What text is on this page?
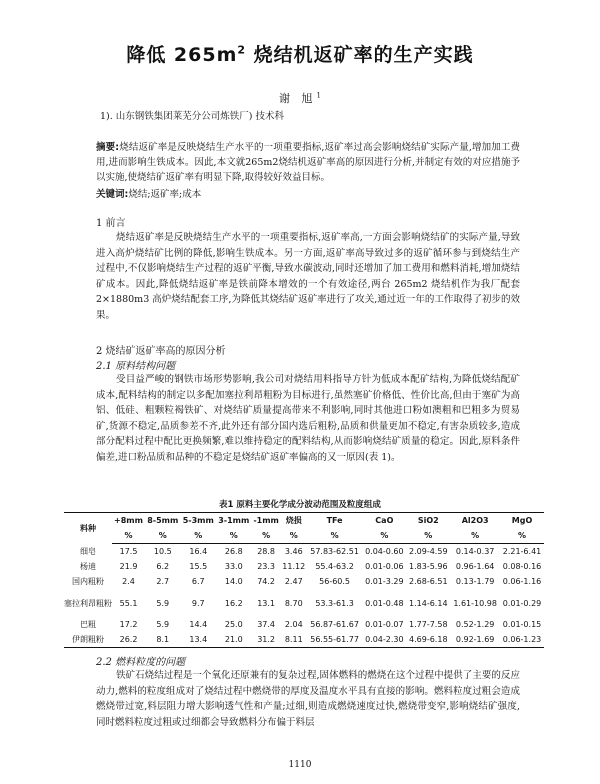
降低 $265m^2$ 烧结机返矿率的生产实践
谢 旭$^1$
1). 山东钢铁集团莱芜分公司炼铁厂) 技术科
摘要:烧结返矿率是反映烧结生产水平的一项重要指标,返矿率过高会影响烧结矿实际产量,增加加工费用,进而影响生铁成本。因此,本文就265m2烧结机返矿率高的原因进行分析,并制定有效的对应措施予以实施,使烧结矿返矿率有明显下降,取得较好效益目标。
关键词:烧结;返矿率;成本
1 前言
烧结返矿率是反映烧结生产水平的一项重要指标,返矿率高,一方面会影响烧结矿的实际产量,导致进入高炉烧结矿比例的降低,影响生铁成本。另一方面,返矿率高导致过多的返矿循环参与到烧结生产过程中,不仅影响烧结生产过程的返矿平衡,导致水碳波动,同时还增加了加工费用和燃料消耗,增加烧结矿成本。因此,降低烧结返矿率是铁前降本增效的一个有效途径,两台 265m2 烧结机作为我厂配套 2×1880m3 高炉烧结配套工序,为降低其烧结矿返矿率进行了攻关,通过近一年的工作取得了初步的效果。
2 烧结矿返矿率高的原因分析
2.1 原料结构问题
受目益严峻的钢铁市场形势影响,我公司对烧结用料指导方针为低成本配矿结构,为降低烧结配矿成本,配料结构的制定以多配加塞拉利昂粗粉为目标进行,虽然塞矿价格低、性价比高,但由于塞矿为高铝、低硅、粗颗粒褐铁矿、对烧结矿质量提高带来不利影响,同时其他进口粉如澳粗和巴粗多为贸易矿,货源不稳定,品质参差不齐,此外还有部分国内选后粗粉,品质和供量更加不稳定,有害杂质较多,造成部分配料过程中配比更换频繁,难以维持稳定的配料结构,从而影响烧结矿质量的稳定。因此,原料条件偏差,进口粉品质和品种的不稳定是烧结矿返矿率偏高的又一原因(表 1)。
表1 原料主要化学成分波动范围及粒度组成
料种	+8mm	8-5mm	5-3mm	3-1mm	-1mm	烧损	TFe	CaO	SiO2	Al2O3	MgO
	%	%	%	%	%	%	%	%	%	%	%
细皂	17.5	10.5	16.4	26.8	28.8	3.46	57.83-62.51	0.04-0.60	2.09-4.59	0.14-0.37	2.21-6.41
杨迪	21.9	6.2	15.5	33.0	23.3	11.12	55.4-63.2	0.01-0.06	1.83-5.96	0.96-1.64	0.08-0.16
国内粗粉	2.4	2.7	6.7	14.0	74.2	2.47	56-60.5	0.01-3.29	2.68-6.51	0.13-1.79	0.06-1.16
塞拉利昂粗粉	55.1	5.9	9.7	16.2	13.1	8.70	53.3-61.3	0.01-0.48	1.14-6.14	1.61-10.98	0.01-0.29
巴粗	17.2	5.9	14.4	25.0	37.4	2.04	56.87-61.67	0.01-0.07	1.77-7.58	0.52-1.29	0.01-0.15
伊朗粗粉	26.2	8.1	13.4	21.0	31.2	8.11	56.55-61.77	0.04-2.30	4.69-6.18	0.92-1.69	0.06-1.23
2.2 燃料粒度的问题
铁矿石烧结过程是一个氧化还原兼有的复杂过程,固体燃料的燃烧在这个过程中提供了主要的反应动力,燃料的粒度组成对了烧结过程中燃烧带的厚度及温度水平具有直接的影响。燃料粒度过粗会造成燃烧带过宽,料层阻力增大影响透气性和产量;过细,则造成燃烧速度过快,燃烧带变窄,影响烧结矿强度,同时燃料粒度过粗或过细都会导致燃料分布偏于料层
1110
